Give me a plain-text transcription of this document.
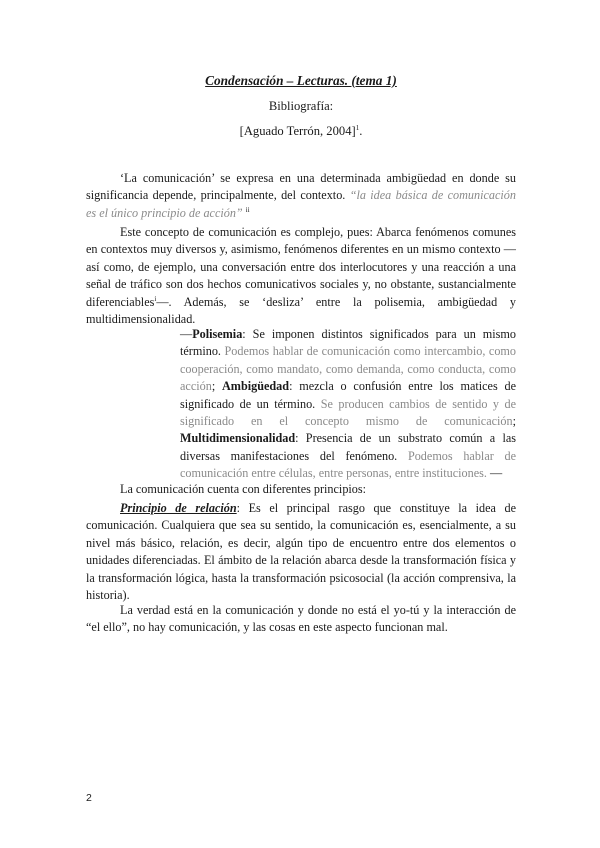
Condensación – Lecturas. (tema 1)
Bibliografía:
[Aguado Terrón, 2004]$^1$.

‘La comunicación’ se expresa en una determinada ambigüedad en donde su significancia depende, principalmente, del contexto. “la idea básica de comunicación es el único principio de acción” $^{ii}$

Este concepto de comunicación es complejo, pues: Abarca fenómenos comunes en contextos muy diversos y, asimismo, fenómenos diferentes en un mismo contexto —así como, de ejemplo, una conversación entre dos interlocutores y una reacción a una señal de tráfico son dos hechos comunicativos sociales y, no obstante, sustancialmente diferenciables$^i$—. Además, se ‘desliza’ entre la polisemia, ambigüedad y multidimensionalidad.

—Polisemia: Se imponen distintos significados para un mismo término. Podemos hablar de comunicación como intercambio, como cooperación, como mandato, como demanda, como conducta, como acción; Ambigüedad: mezcla o confusión entre los matices de significado de un término. Se producen cambios de sentido y de significado en el concepto mismo de comunicación; Multidimensionalidad: Presencia de un substrato común a las diversas manifestaciones del fenómeno. Podemos hablar de comunicación entre células, entre personas, entre instituciones. —

La comunicación cuenta con diferentes principios:

Principio de relación: Es el principal rasgo que constituye la idea de comunicación. Cualquiera que sea su sentido, la comunicación es, esencialmente, a su nivel más básico, relación, es decir, algún tipo de encuentro entre dos elementos o unidades diferenciadas. El ámbito de la relación abarca desde la transformación física y la transformación lógica, hasta la transformación psicosocial (la acción comprensiva, la historia).

La verdad está en la comunicación y donde no está el yo-tú y la interacción de “el ello”, no hay comunicación, y las cosas en este aspecto funcionan mal.

2
